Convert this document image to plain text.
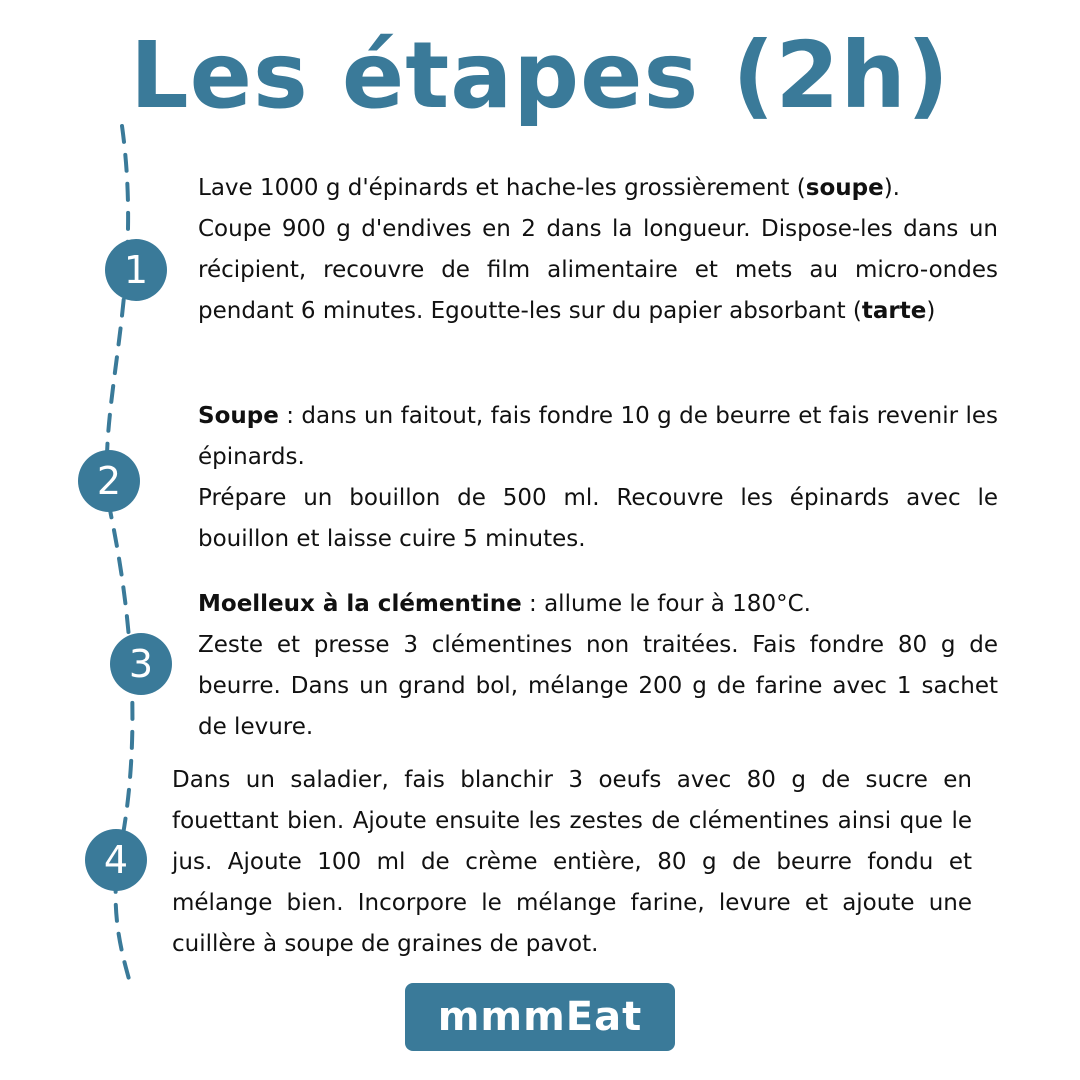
Les étapes (2h)
1
2
3
4

Lave 1000 g d'épinards et hache-les grossièrement (soupe).

Coupe 900 g d'endives en 2 dans la longueur. Dispose-les dans un récipient, recouvre de film alimentaire et mets au micro-ondes pendant 6 minutes. Egoutte-les sur du papier absorbant (tarte)

Soupe : dans un faitout, fais fondre 10 g de beurre et fais revenir les épinards.

Prépare un bouillon de 500 ml. Recouvre les épinards avec le bouillon et laisse cuire 5 minutes.

Moelleux à la clémentine : allume le four à 180°C.

Zeste et presse 3 clémentines non traitées. Fais fondre 80 g de beurre. Dans un grand bol, mélange 200 g de farine avec 1 sachet de levure.

Dans un saladier, fais blanchir 3 oeufs avec 80 g de sucre en fouettant bien. Ajoute ensuite les zestes de clémentines ainsi que le jus. Ajoute 100 ml de crème entière, 80 g de beurre fondu et mélange bien. Incorpore le mélange farine, levure et ajoute une cuillère à soupe de graines de pavot.

mmmEat
